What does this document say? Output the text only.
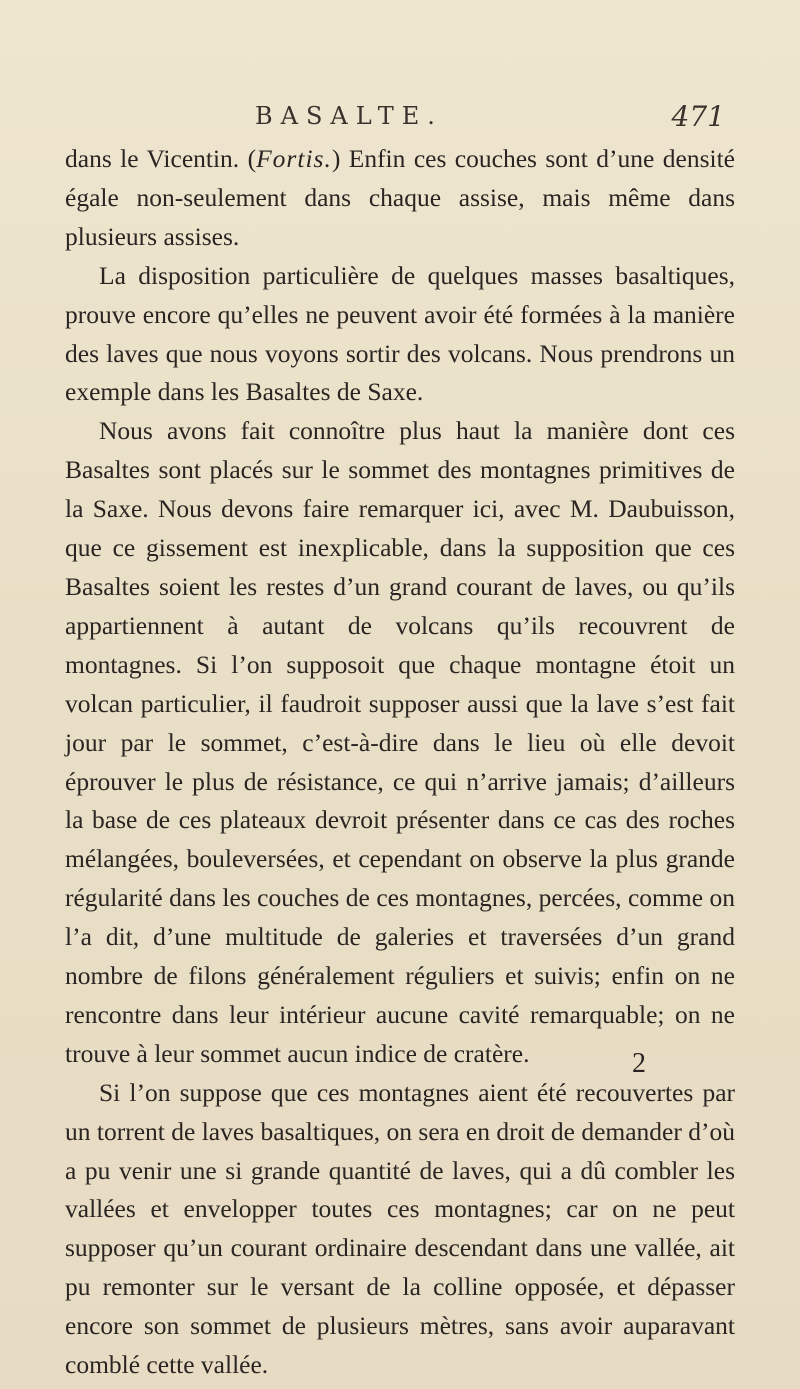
BASALTE.	471

dans le Vicentin. (Fortis.) Enfin ces couches sont d’une densité égale non-seulement dans chaque assise, mais même dans plusieurs assises.

La disposition particulière de quelques masses basaltiques, prouve encore qu’elles ne peuvent avoir été formées à la manière des laves que nous voyons sortir des volcans. Nous prendrons un exemple dans les Basaltes de Saxe.

Nous avons fait connoître plus haut la manière dont ces Basaltes sont placés sur le sommet des montagnes primitives de la Saxe. Nous devons faire remarquer ici, avec M. Daubuisson, que ce gissement est inexplicable, dans la supposition que ces Basaltes soient les restes d’un grand courant de laves, ou qu’ils appartiennent à autant de volcans qu’ils recouvrent de montagnes. Si l’on supposoit que chaque montagne étoit un volcan particulier, il faudroit supposer aussi que la lave s’est fait jour par le sommet, c’est-à-dire dans le lieu où elle devoit éprouver le plus de résistance, ce qui n’arrive jamais; d’ailleurs la base de ces plateaux devroit présenter dans ce cas des roches mélangées, bouleversées, et cependant on observe la plus grande régularité dans les couches de ces montagnes, percées, comme on l’a dit, d’une multitude de galeries et traversées d’un grand nombre de filons généralement réguliers et suivis; enfin on ne rencontre dans leur intérieur aucune cavité remarquable; on ne trouve à leur sommet aucun indice de cratère.

Si l’on suppose que ces montagnes aient été recouvertes par un torrent de laves basaltiques, on sera en droit de demander d’où a pu venir une si grande quantité de laves, qui a dû combler les vallées et envelopper toutes ces montagnes; car on ne peut supposer qu’un courant ordinaire descendant dans une vallée, ait pu remonter sur le versant de la colline opposée, et dépasser encore son sommet de plusieurs mètres, sans avoir auparavant comblé cette vallée.

2
